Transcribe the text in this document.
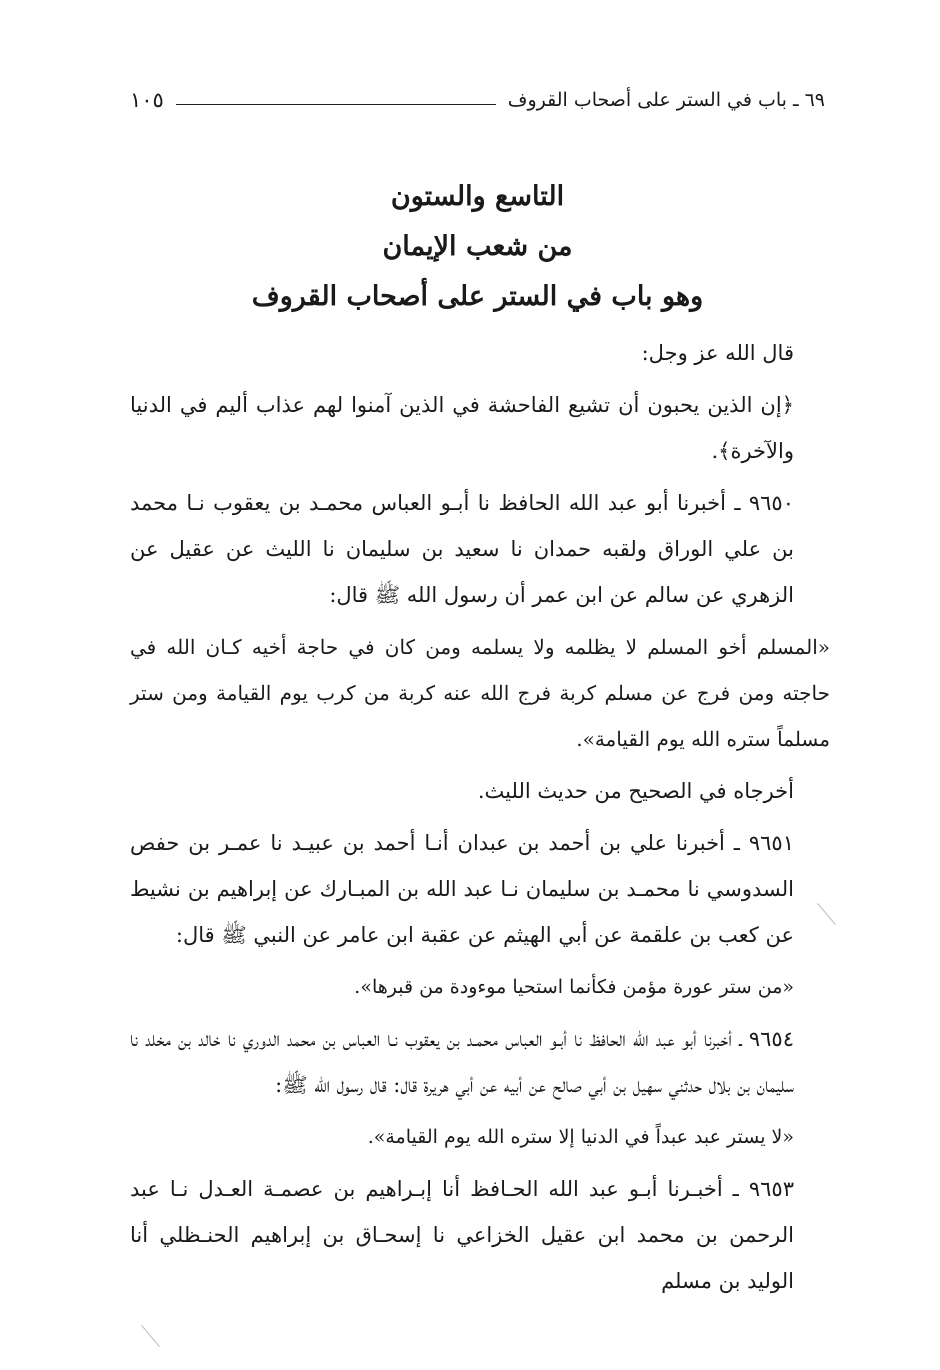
٦٩ ـ باب في الستر على أصحاب القروف
١٠٥
التاسع والستون
من شعب الإيمان
وهو باب في الستر على أصحاب القروف

قال الله عز وجل:

﴿إن الذين يحبون أن تشيع الفاحشة في الذين آمنوا لهم عذاب أليم في الدنيا والآخرة﴾.

٩٦٥٠ ـ أخبرنا أبو عبد الله الحافظ نا أبـو العباس محمـد بن يعقوب نـا محمد بن علي الوراق ولقبه حمدان نا سعيد بن سليمان نا الليث عن عقيل عن الزهري عن سالم عن ابن عمر أن رسول الله ﷺ قال:

«المسلم أخو المسلم لا يظلمه ولا يسلمه ومن كان في حاجة أخيه كـان الله في حاجته ومن فرج عن مسلم كربة فرج الله عنه كربة من كرب يوم القيامة ومن ستر مسلماً ستره الله يوم القيامة».

أخرجاه في الصحيح من حديث الليث.

٩٦٥١ ـ أخبرنا علي بن أحمد بن عبدان أنـا أحمد بن عبيـد نا عمـر بن حفص السدوسي نا محمـد بن سليمان نـا عبد الله بن المبـارك عن إبراهيم بن نشيط عن كعب بن علقمة عن أبي الهيثم عن عقبة ابن عامر عن النبي ﷺ قال:

«من ستر عورة مؤمن فكأنما استحيا موءودة من قبرها».

٩٦٥٤ ـ أخبرنا أبو عبد الله الحافظ نا أبـو العباس محمـد بن يعقوب نـا العباس بن محمد الدوري نا خالد بن مخلد نا سليمان بن بلال حدثني سهيل بن أبي صالح عن أبيه عن أبي هريرة قال: قال رسول الله ﷺ:

«لا يستر عبد عبداً في الدنيا إلا ستره الله يوم القيامة».

٩٦٥٣ ـ أخبـرنا أبـو عبد الله الحـافظ أنا إبـراهيم بن عصمـة العـدل نـا عبد الرحمن بن محمد ابن عقيل الخزاعي نا إسحـاق بن إبراهيم الحنـظلي أنا الوليد بن مسلم
